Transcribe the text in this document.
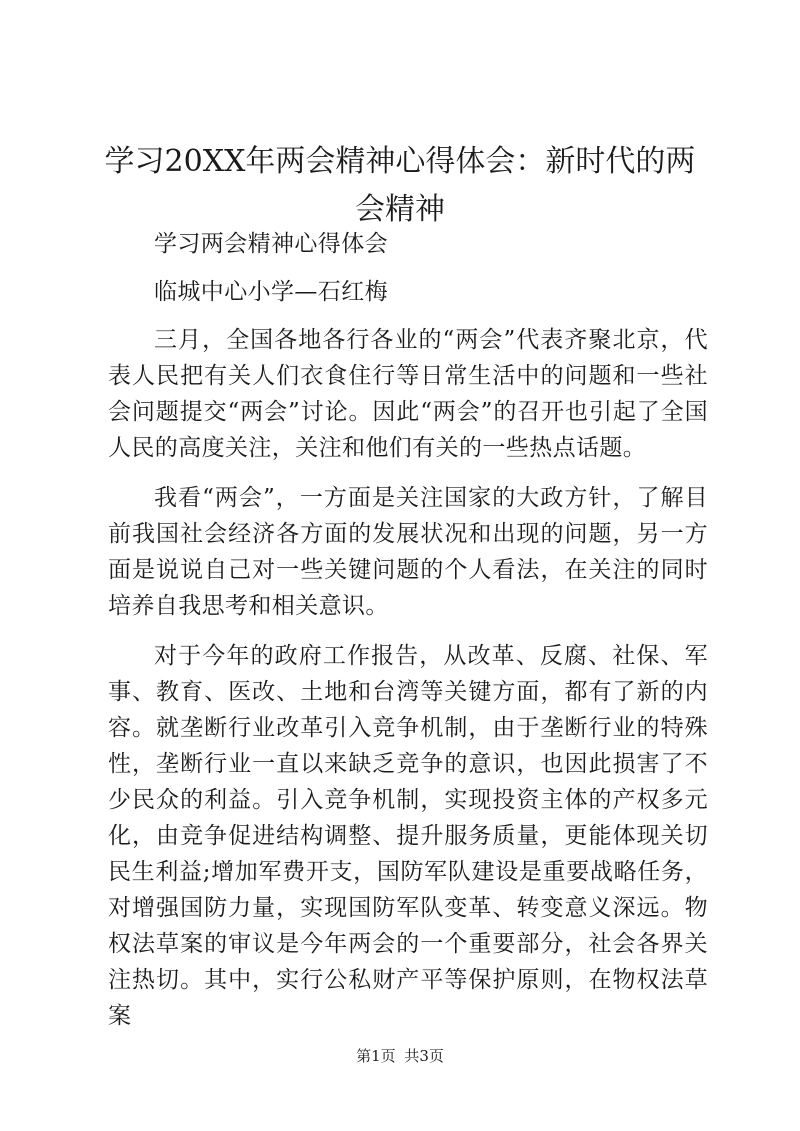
学习20XX年两会精神心得体会：新时代的两会精神

学习两会精神心得体会

临城中心小学—石红梅

三月，全国各地各行各业的“两会”代表齐聚北京，代表人民把有关人们衣食住行等日常生活中的问题和一些社会问题提交“两会”讨论。因此“两会”的召开也引起了全国人民的高度关注，关注和他们有关的一些热点话题。

我看“两会”，一方面是关注国家的大政方针，了解目前我国社会经济各方面的发展状况和出现的问题，另一方面是说说自己对一些关键问题的个人看法，在关注的同时培养自我思考和相关意识。

对于今年的政府工作报告，从改革、反腐、社保、军事、教育、医改、土地和台湾等关键方面，都有了新的内容。就垄断行业改革引入竞争机制，由于垄断行业的特殊性，垄断行业一直以来缺乏竞争的意识，也因此损害了不少民众的利益。引入竞争机制，实现投资主体的产权多元化，由竞争促进结构调整、提升服务质量，更能体现关切民生利益;增加军费开支，国防军队建设是重要战略任务，对增强国防力量，实现国防军队变革、转变意义深远。物权法草案的审议是今年两会的一个重要部分，社会各界关注热切。其中，实行公私财产平等保护原则，在物权法草案

第1页 共3页
